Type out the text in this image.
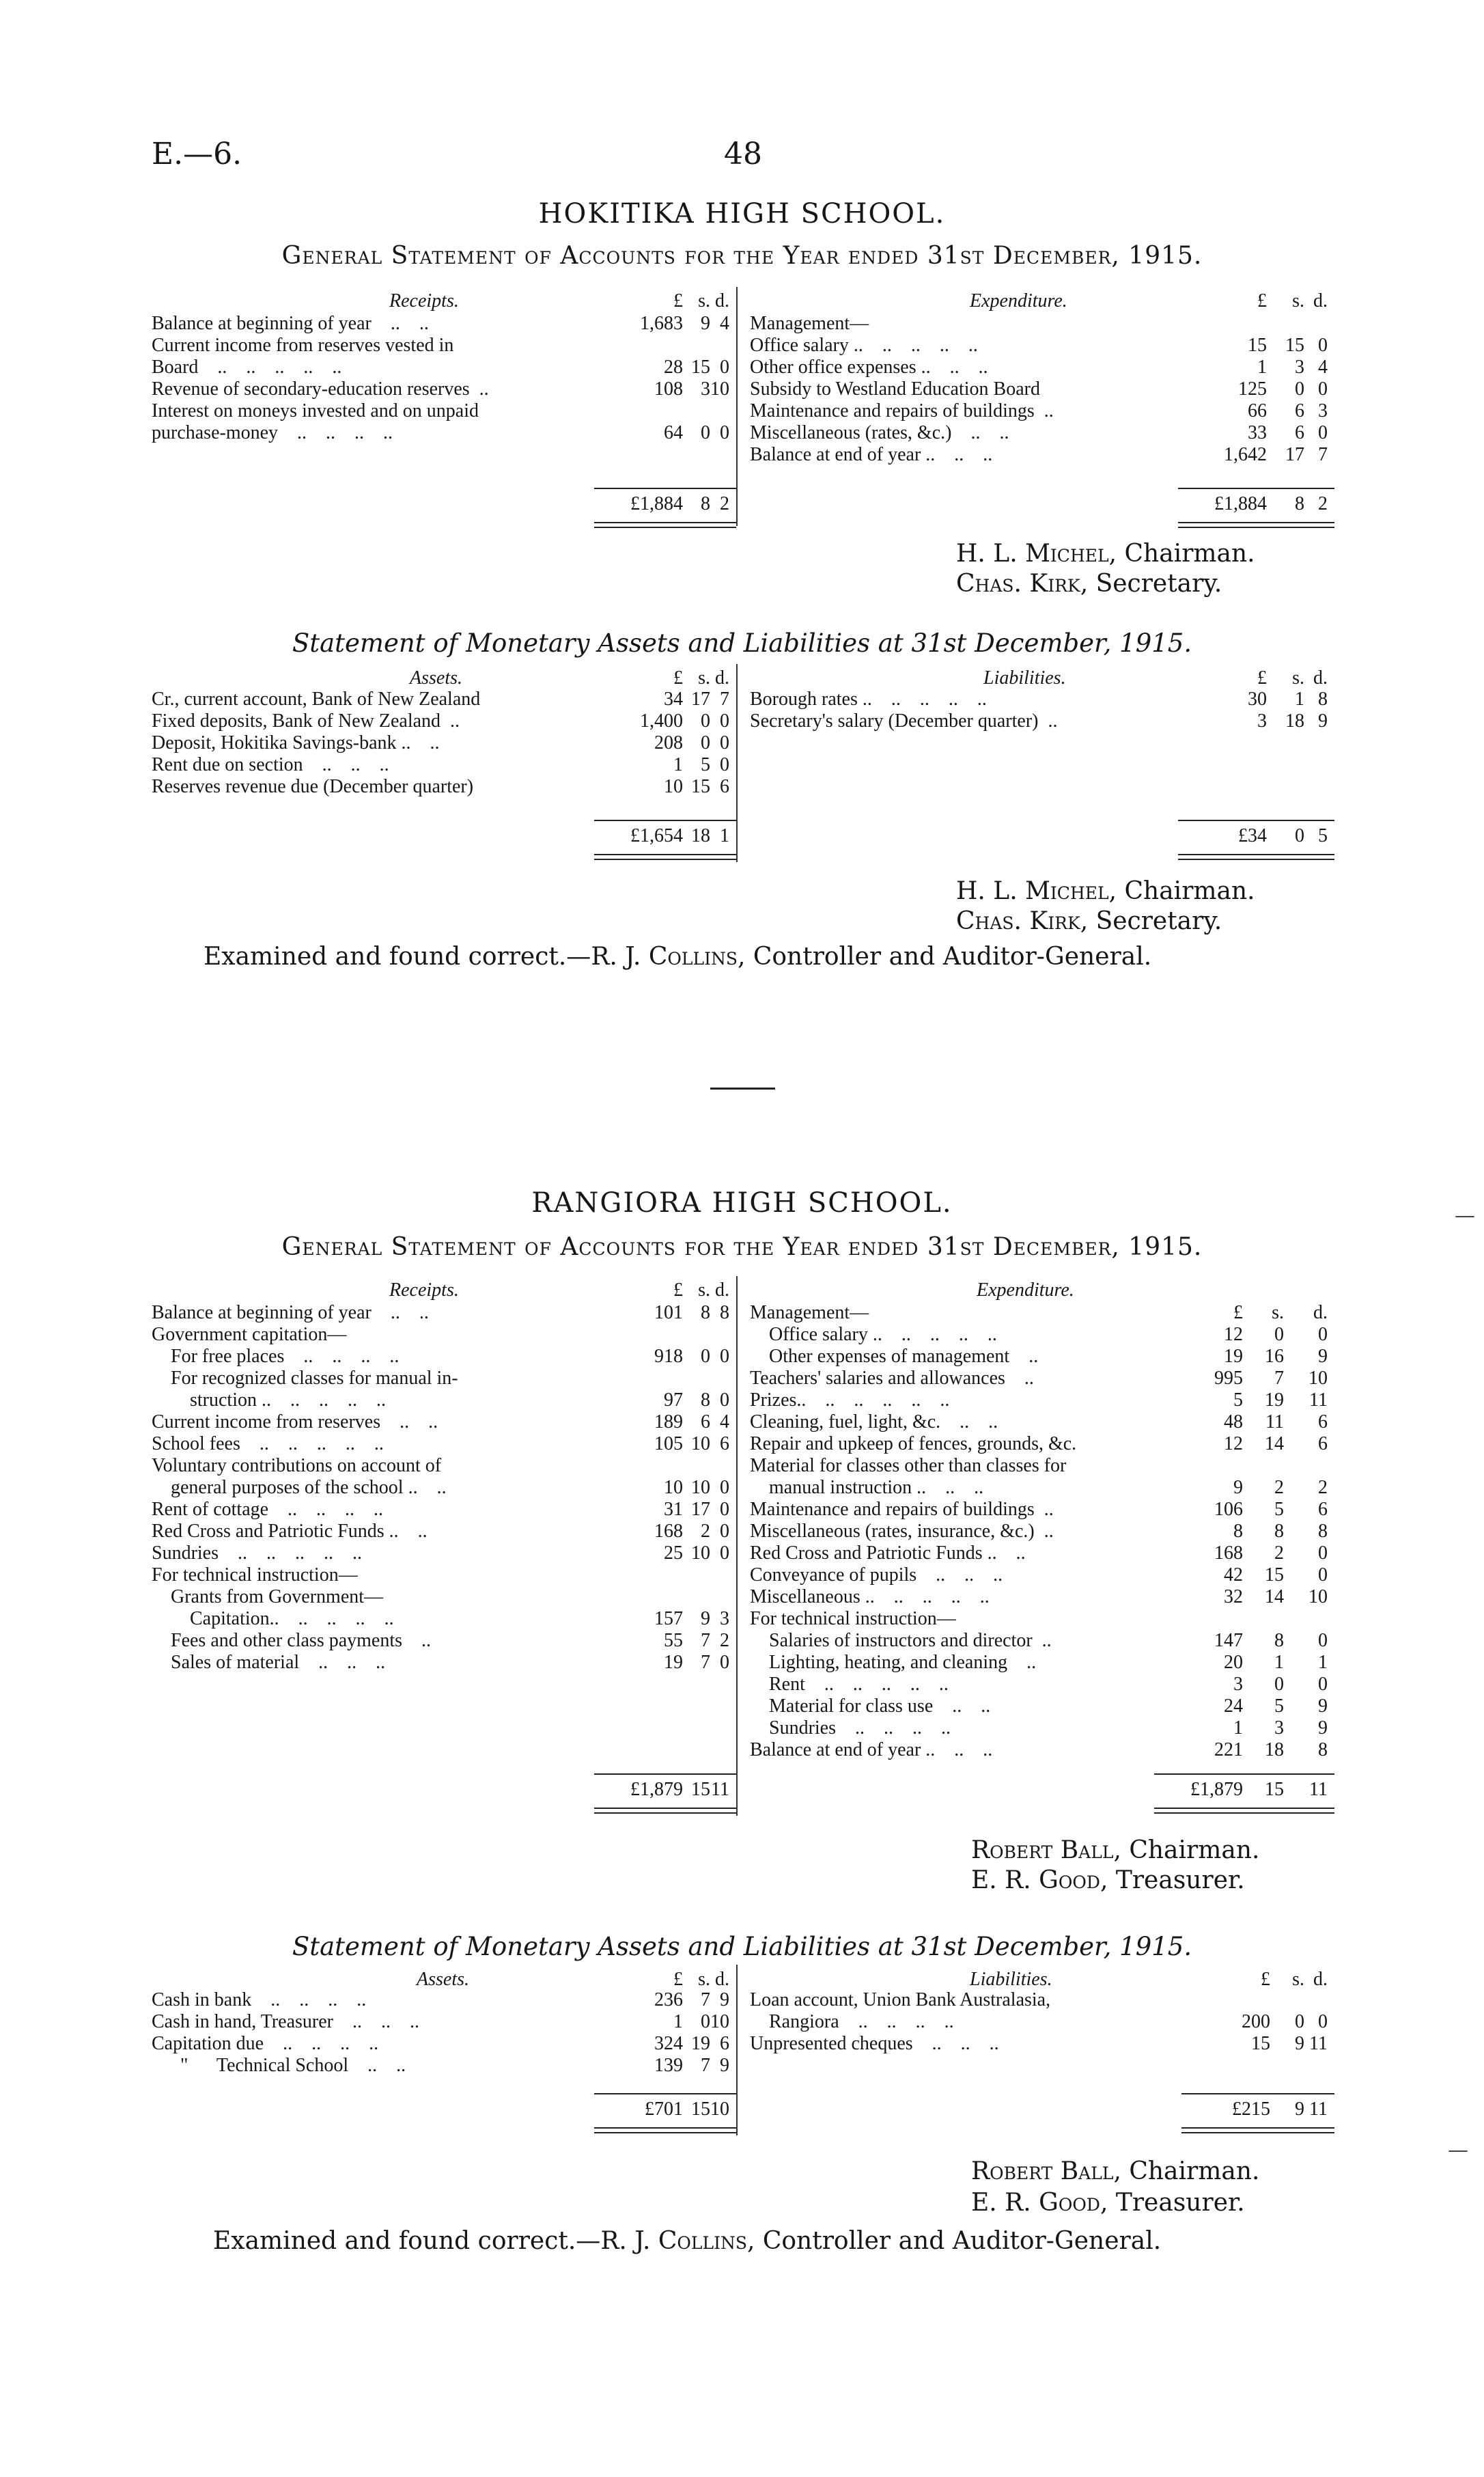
E.—6.	48
HOKITIKA HIGH SCHOOL.
General Statement of Accounts for the Year ended 31st December, 1915.
H. L. Michel, Chairman.
Chas. Kirk, Secretary.
Statement of Monetary Assets and Liabilities at 31st December, 1915.
H. L. Michel, Chairman.
Chas. Kirk, Secretary.
Examined and found correct.—R. J. Collins, Controller and Auditor-General.
RANGIORA HIGH SCHOOL.
General Statement of Accounts for the Year ended 31st December, 1915.
Robert Ball, Chairman.
E. R. Good, Treasurer.
Statement of Monetary Assets and Liabilities at 31st December, 1915.
Robert Ball, Chairman.
E. R. Good, Treasurer.
Examined and found correct.—R. J. Collins, Controller and Auditor-General.
—
—
Receipts.	£ s. d.
Balance at beginning of year    ..    ..	1,683 9 4
Current income from reserves vested in
Board    ..    ..    ..    ..    ..	28 15 0
Revenue of secondary-education reserves  ..	108 3 10
Interest on moneys invested and on unpaid
purchase-money    ..    ..    ..    ..	64 0 0
£1,884 8 2
Expenditure.	£	s. d.
Management—
Office salary ..    ..    ..    ..    ..	15 15 0
Other office expenses ..    ..    ..	1	3 4
Subsidy to Westland Education Board	125	0 0
Maintenance and repairs of buildings  ..	66	6 3
Miscellaneous (rates, &c.)    ..    ..	33	6 0
Balance at end of year ..    ..    ..	1,642 17 7
£1,884	8 2
Assets.	£ s. d.
Cr., current account, Bank of New Zealand	34 17 7
Fixed deposits, Bank of New Zealand  ..	1,400 0 0
Deposit, Hokitika Savings-bank ..    ..	208 0 0
Rent due on section    ..    ..    ..	1 5 0
Reserves revenue due (December quarter)	10 15 6
£1,654 18 1
Liabilities.	£	s. d.
Borough rates ..    ..    ..    ..    ..	30	1 8
Secretary's salary (December quarter)  ..	3 18 9
£34	0 5
Receipts.	£ s. d.
Balance at beginning of year    ..    ..	101 8 8
Government capitation—
For free places    ..    ..    ..    ..	918 0 0
For recognized classes for manual in-
struction ..    ..    ..    ..    ..	97 8 0
Current income from reserves    ..    ..	189 6 4
School fees    ..    ..    ..    ..    ..	105 10 6
Voluntary contributions on account of
general purposes of the school ..    ..	10 10 0
Rent of cottage    ..    ..    ..    ..	31 17 0
Red Cross and Patriotic Funds ..    ..	168 2 0
Sundries    ..    ..    ..    ..    ..	25 10 0
For technical instruction—
Grants from Government—
Capitation..    ..    ..    ..    ..	157 9 3
Fees and other class payments    ..	55 7 2
Sales of material    ..    ..    ..	19 7 0
£1,879 15 11
Expenditure.
£	s.	d.
Management—
Office salary ..    ..    ..    ..    ..	12	0	0
Other expenses of management    ..	19	16	9
Teachers' salaries and allowances    ..	995	7	10
Prizes..    ..    ..    ..    ..    ..	5	19	11
Cleaning, fuel, light, &c.    ..    ..	48	11	6
Repair and upkeep of fences, grounds, &c.	12	14	6
Material for classes other than classes for
manual instruction ..    ..    ..	9	2	2
Maintenance and repairs of buildings  ..	106	5	6
Miscellaneous (rates, insurance, &c.)  ..	8	8	8
Red Cross and Patriotic Funds ..    ..	168	2	0
Conveyance of pupils    ..    ..    ..	42	15	0
Miscellaneous ..    ..    ..    ..    ..	32	14	10
For technical instruction—
Salaries of instructors and director  ..	147	8	0
Lighting, heating, and cleaning    ..	20	1	1
Rent    ..    ..    ..    ..    ..	3	0	0
Material for class use    ..    ..	24	5	9
Sundries    ..    ..    ..    ..	1	3	9
Balance at end of year ..    ..    ..	221	18	8
£1,879	15	11
Assets.	£ s. d.
Cash in bank    ..    ..    ..    ..	236 7 9
Cash in hand, Treasurer    ..    ..    ..	1 0 10
Capitation due    ..    ..    ..    ..	324 19 6
"      Technical School    ..    ..	139 7 9
£701 15 10
Liabilities.	£	s. d.
Loan account, Union Bank Australasia,
Rangiora    ..    ..    ..    ..	200	0 0
Unpresented cheques    ..    ..    ..	15	9 11
£215	9 11
